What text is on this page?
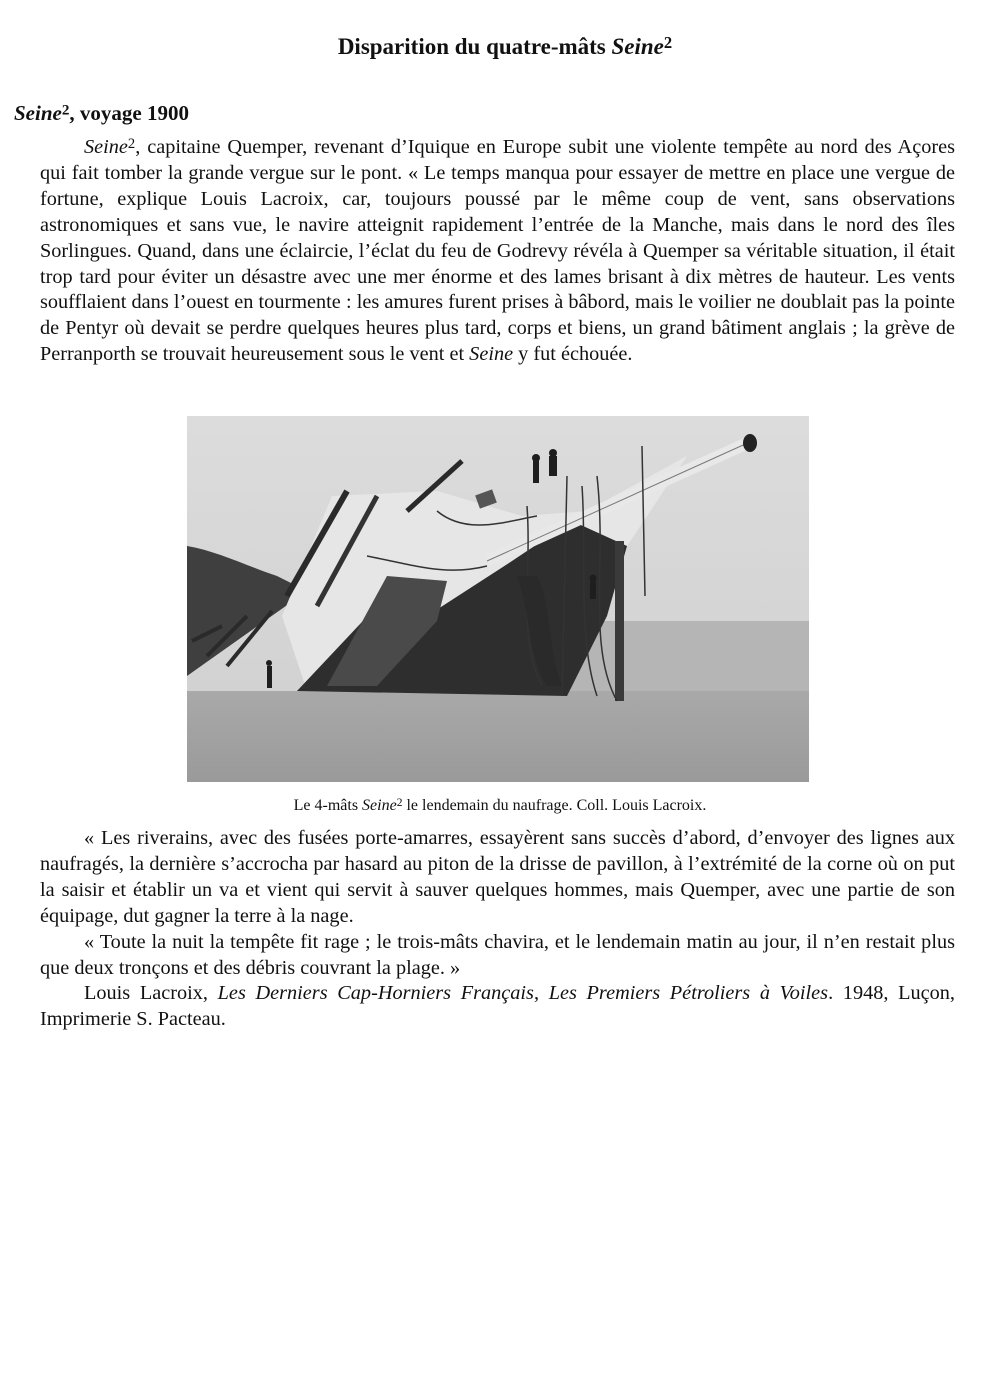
Disparition du quatre-mâts Seine$^2$
Seine$^2$, voyage 1900

Seine$^2$, capitaine Quemper, revenant d’Iquique en Europe subit une violente tempête au nord des Açores qui fait tomber la grande vergue sur le pont. « Le temps manqua pour essayer de mettre en place une vergue de fortune, explique Louis Lacroix, car, toujours poussé par le même coup de vent, sans observations astronomiques et sans vue, le navire atteignit rapidement l’entrée de la Manche, mais dans le nord des îles Sorlingues. Quand, dans une éclaircie, l’éclat du feu de Godrevy révéla à Quemper sa véritable situation, il était trop tard pour éviter un désastre avec une mer énorme et des lames brisant à dix mètres de hauteur. Les vents soufflaient dans l’ouest en tourmente : les amures furent prises à bâbord, mais le voilier ne doublait pas la pointe de Pentyr où devait se perdre quelques heures plus tard, corps et biens, un grand bâtiment anglais ; la grève de Perranporth se trouvait heureusement sous le vent et Seine y fut échouée.

Le 4-mâts Seine$^2$ le lendemain du naufrage. Coll. Louis Lacroix.

« Les riverains, avec des fusées porte-amarres, essayèrent sans succès d’abord, d’envoyer des lignes aux naufragés, la dernière s’accrocha par hasard au piton de la drisse de pavillon, à l’extrémité de la corne où on put la saisir et établir un va et vient qui servit à sauver quelques hommes, mais Quemper, avec une partie de son équipage, dut gagner la terre à la nage.

« Toute la nuit la tempête fit rage ; le trois-mâts chavira, et le lendemain matin au jour, il n’en restait plus que deux tronçons et des débris couvrant la plage. »

Louis Lacroix, Les Derniers Cap-Horniers Français, Les Premiers Pétroliers à Voiles. 1948, Luçon, Imprimerie S. Pacteau.
